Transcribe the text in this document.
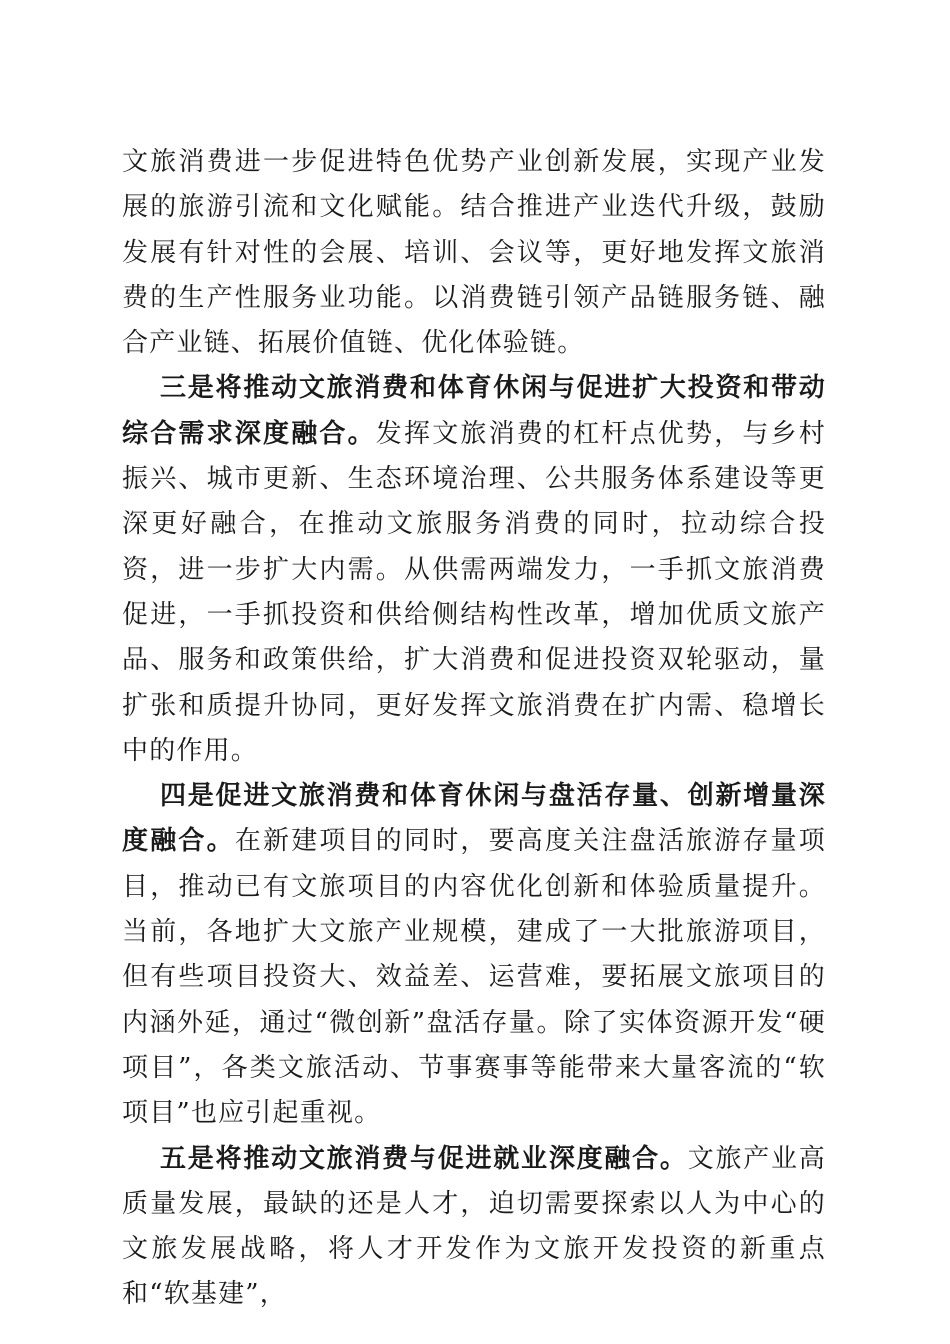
文旅消费进一步促进特色优势产业创新发展，实现产业发展的旅游引流和文化赋能。结合推进产业迭代升级，鼓励发展有针对性的会展、培训、会议等，更好地发挥文旅消费的生产性服务业功能。以消费链引领产品链服务链、融合产业链、拓展价值链、优化体验链。

三是将推动文旅消费和体育休闲与促进扩大投资和带动综合需求深度融合。发挥文旅消费的杠杆点优势，与乡村振兴、城市更新、生态环境治理、公共服务体系建设等更深更好融合，在推动文旅服务消费的同时，拉动综合投资，进一步扩大内需。从供需两端发力，一手抓文旅消费促进，一手抓投资和供给侧结构性改革，增加优质文旅产品、服务和政策供给，扩大消费和促进投资双轮驱动，量扩张和质提升协同，更好发挥文旅消费在扩内需、稳增长中的作用。

四是促进文旅消费和体育休闲与盘活存量、创新增量深度融合。在新建项目的同时，要高度关注盘活旅游存量项目，推动已有文旅项目的内容优化创新和体验质量提升。当前，各地扩大文旅产业规模，建成了一大批旅游项目，但有些项目投资大、效益差、运营难，要拓展文旅项目的内涵外延，通过“微创新”盘活存量。除了实体资源开发“硬项目”，各类文旅活动、节事赛事等能带来大量客流的“软项目”也应引起重视。

五是将推动文旅消费与促进就业深度融合。文旅产业高质量发展，最缺的还是人才，迫切需要探索以人为中心的文旅发展战略，将人才开发作为文旅开发投资的新重点和“软基建”，
